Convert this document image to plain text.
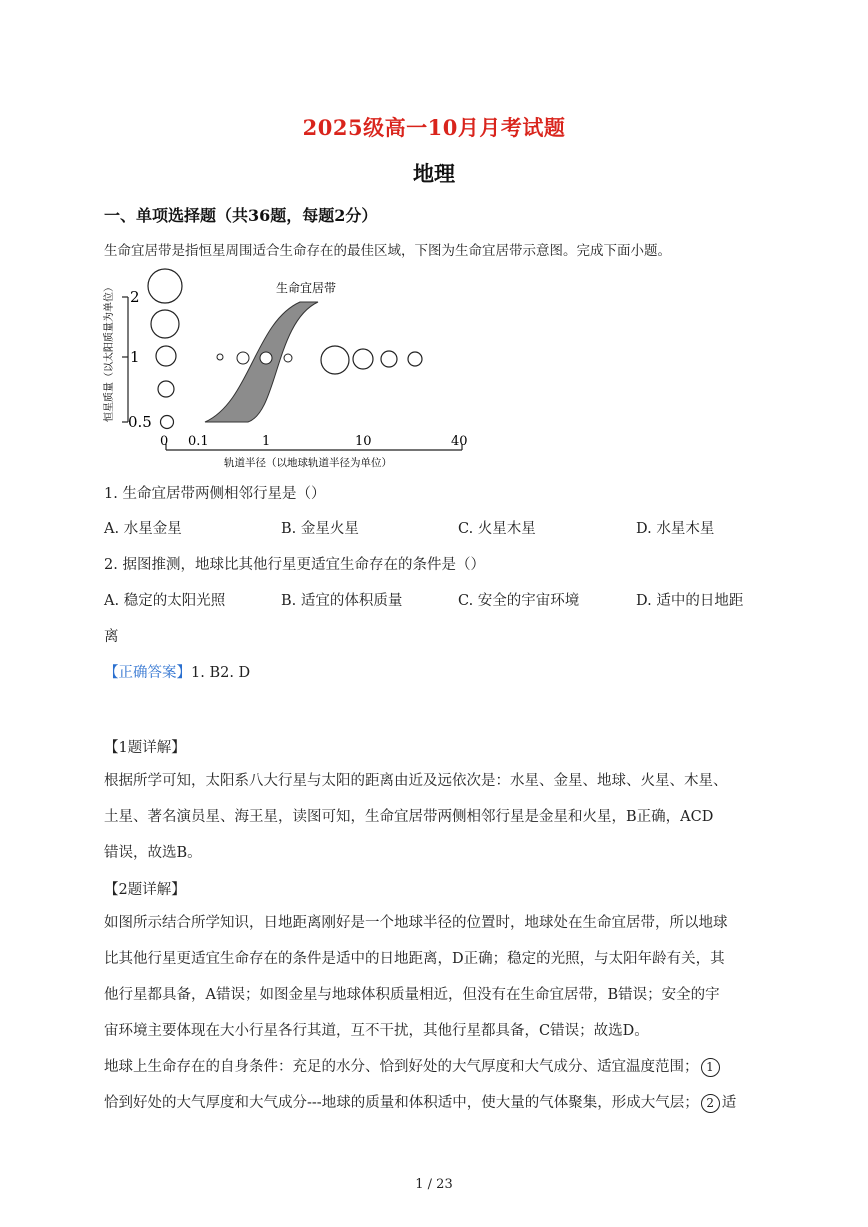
2025级高一10月月考试题
地理
一、单项选择题（共36题，每题2分）
生命宜居带是指恒星周围适合生命存在的最佳区域，下图为生命宜居带示意图。完成下面小题。
2
1
0.5
恒星质量（以太阳质量为单位）
0 0.1	1	10	40
轨道半径（以地球轨道半径为单位）
生命宜居带
1. 生命宜居带两侧相邻行星是（）
A. 水星金星	B. 金星火星	C. 火星木星	D. 水星木星
2. 据图推测，地球比其他行星更适宜生命存在的条件是（）
A. 稳定的太阳光照	B. 适宜的体积质量	C. 安全的宇宙环境	D. 适中的日地距
离
【正确答案】1. B2. D
【1题详解】
根据所学可知，太阳系八大行星与太阳的距离由近及远依次是：水星、金星、地球、火星、木星、
土星、著名演员星、海王星，读图可知，生命宜居带两侧相邻行星是金星和火星，B正确，ACD
错误，故选B。
【2题详解】
如图所示结合所学知识，日地距离刚好是一个地球半径的位置时，地球处在生命宜居带，所以地球
比其他行星更适宜生命存在的条件是适中的日地距离，D正确；稳定的光照，与太阳年龄有关，其
他行星都具备，A错误；如图金星与地球体积质量相近，但没有在生命宜居带，B错误；安全的宇
宙环境主要体现在大小行星各行其道，互不干扰，其他行星都具备，C错误；故选D。
地球上生命存在的自身条件：充足的水分、恰到好处的大气厚度和大气成分、适宜温度范围； 1
恰到好处的大气厚度和大气成分---地球的质量和体积适中，使大量的气体聚集，形成大气层； 2 适
1 / 23
